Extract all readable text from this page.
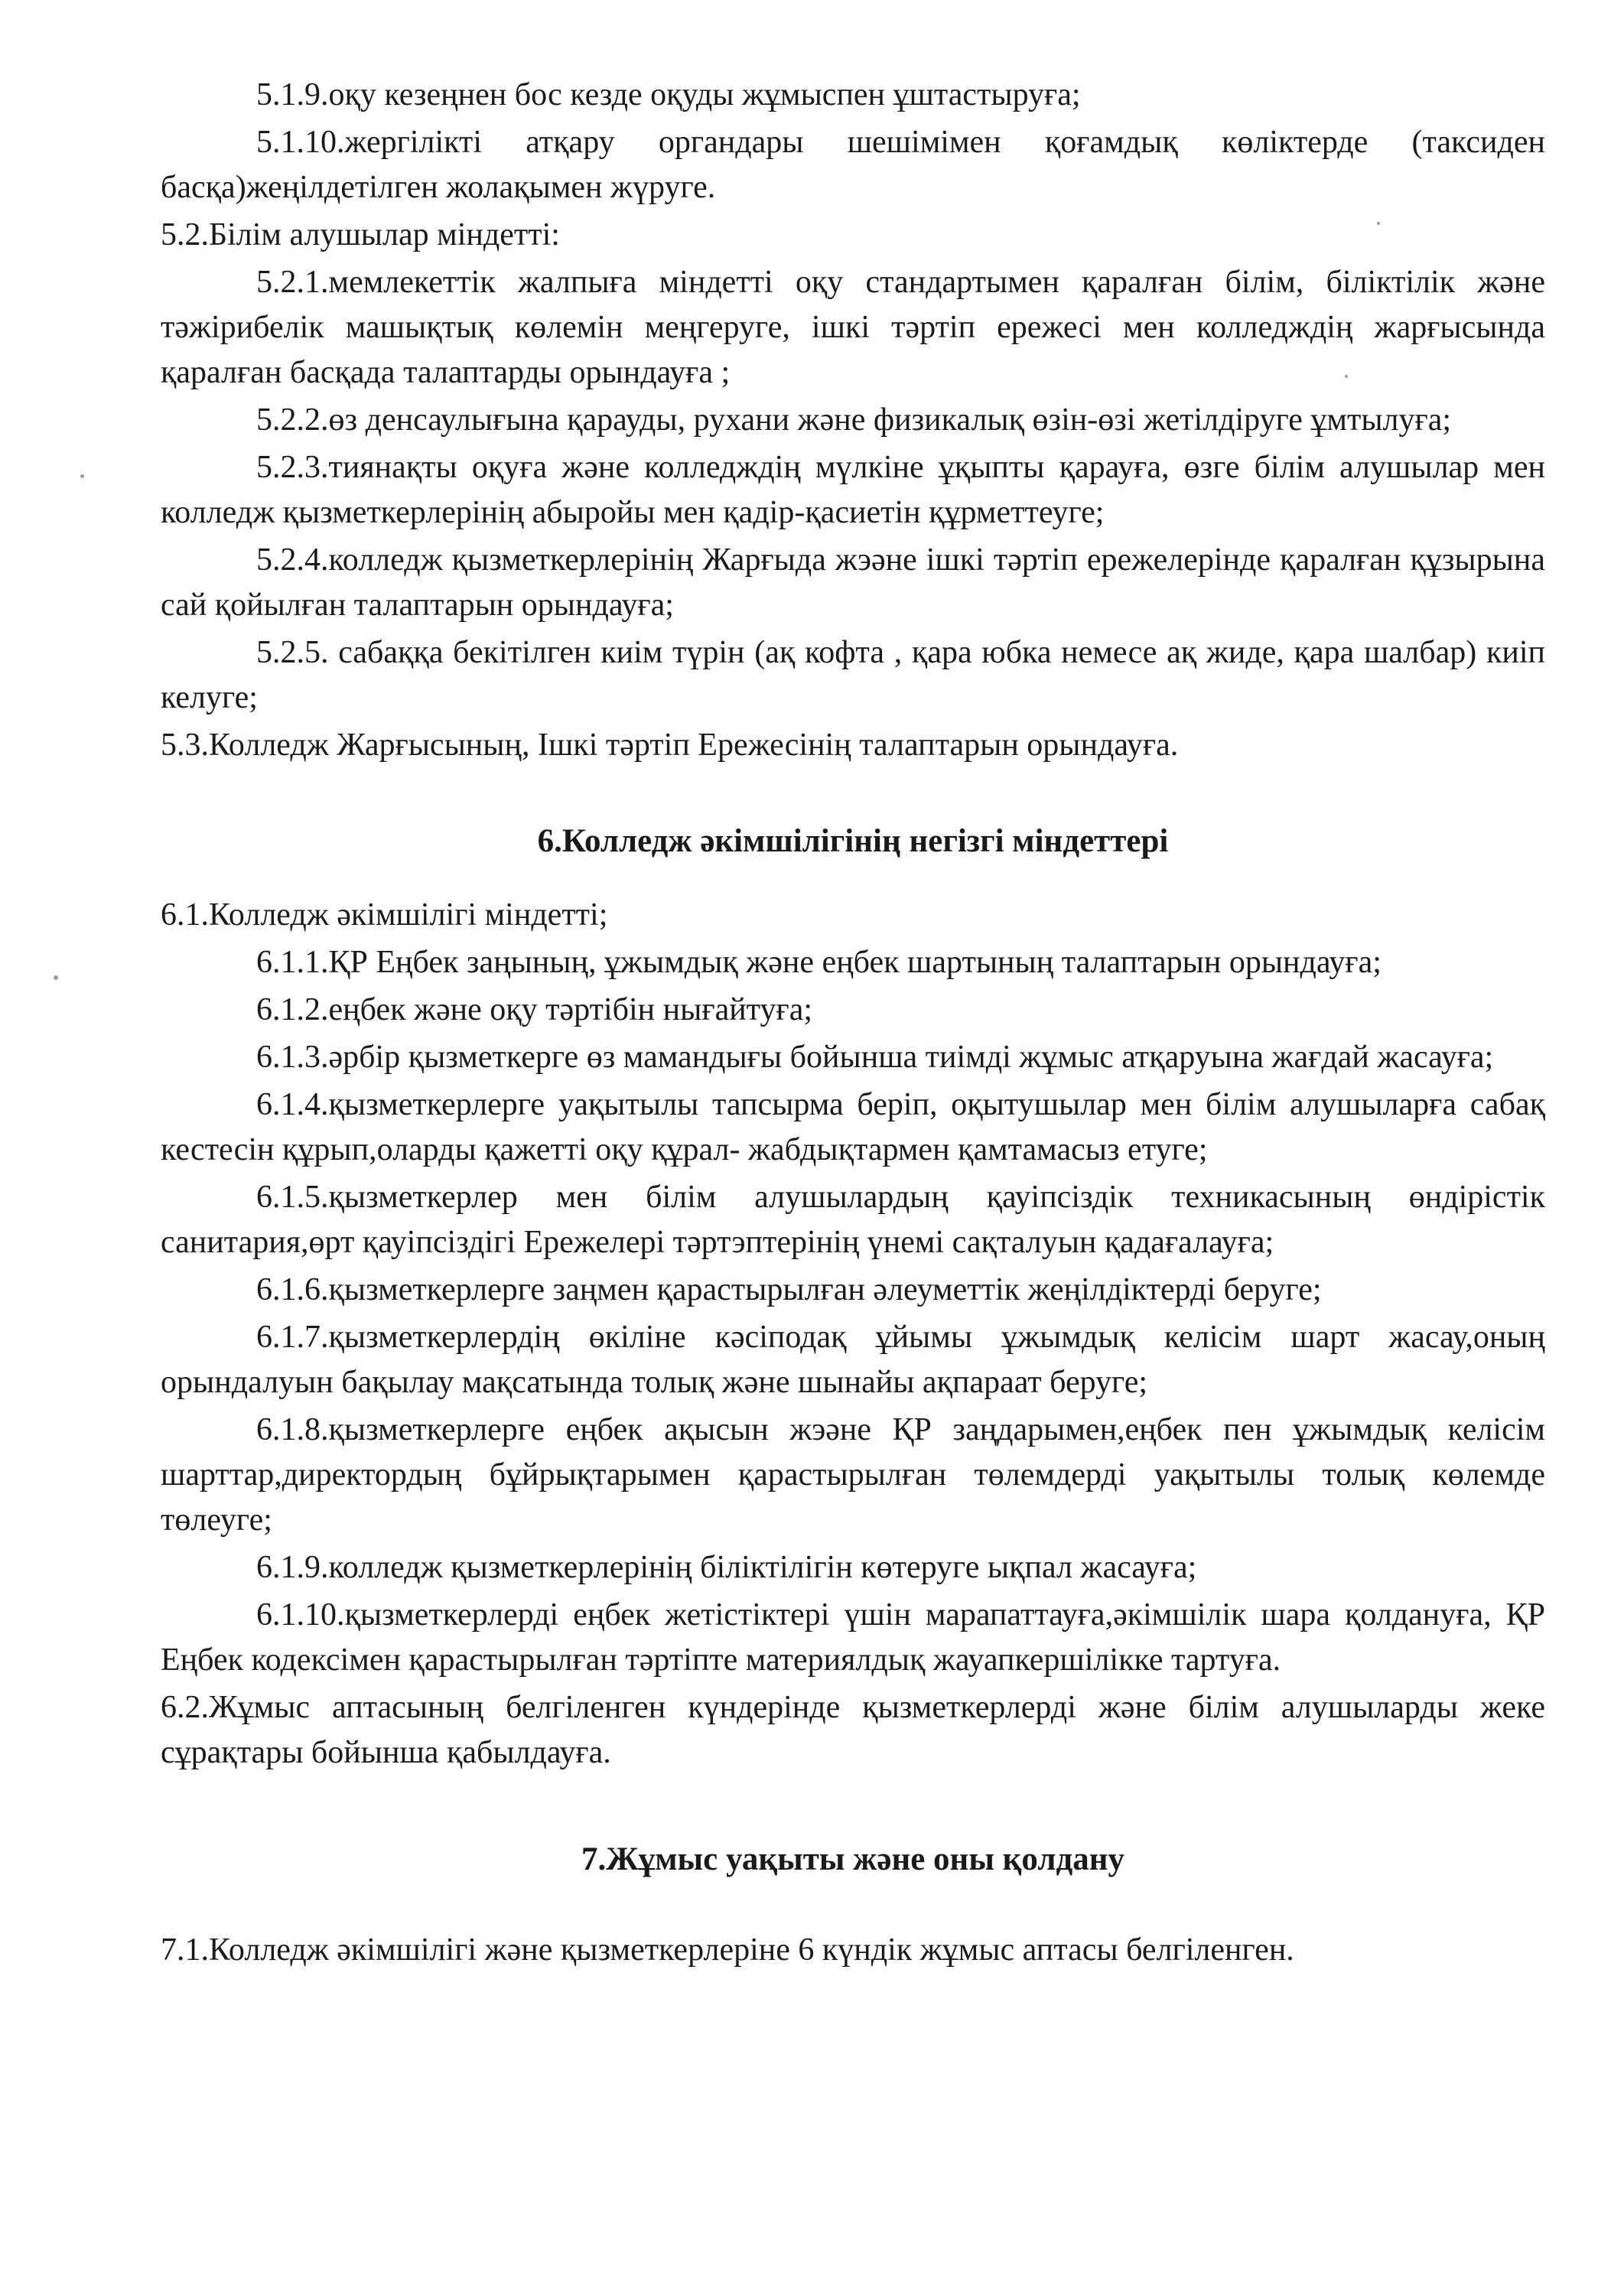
5.1.9.оқу кезеңнен бос кезде оқуды жұмыспен ұштастыруға;

5.1.10.жергілікті атқару органдары шешімімен қоғамдық көліктерде (таксиден басқа)жеңілдетілген жолақымен жүруге.

5.2.Білім алушылар міндетті:

5.2.1.мемлекеттік жалпыға міндетті оқу стандартымен қаралған білім, біліктілік және тәжірибелік машықтық көлемін меңгеруге, ішкі тәртіп ережесі мен колледждің жарғысында қаралған басқада талаптарды орындауға ;

5.2.2.өз денсаулығына қарауды, рухани және физикалық өзін-өзі жетілдіруге ұмтылуға;

5.2.3.тиянақты оқуға және колледждің мүлкіне ұқыпты қарауға, өзге білім алушылар мен колледж қызметкерлерінің абыройы мен қадір-қасиетін құрметтеуге;

5.2.4.колледж қызметкерлерінің Жарғыда жэәне ішкі тәртіп ережелерінде қаралған құзырына сай қойылған талаптарын орындауға;

5.2.5. сабаққа бекітілген киім түрін (ақ кофта , қара юбка немесе ақ жиде, қара шалбар) киіп келуге;

5.3.Колледж Жарғысының, Ішкі тәртіп Ережесінің талаптарын орындауға.

6.Колледж әкімшілігінің негізгі міндеттері

6.1.Колледж әкімшілігі міндетті;

6.1.1.ҚР Еңбек заңының, ұжымдық және еңбек шартының талаптарын орындауға;

6.1.2.еңбек және оқу тәртібін нығайтуға;

6.1.3.әрбір қызметкерге өз мамандығы бойынша тиімді жұмыс атқаруына жағдай жасауға;

6.1.4.қызметкерлерге уақытылы тапсырма беріп, оқытушылар мен білім алушыларға сабақ кестесін құрып,оларды қажетті оқу құрал- жабдықтармен қамтамасыз етуге;

6.1.5.қызметкерлер мен білім алушылардың қауіпсіздік техникасының өндірістік санитария,өрт қауіпсіздігі Ережелері тәртэптерінің үнемі сақталуын қадағалауға;

6.1.6.қызметкерлерге заңмен қарастырылған әлеуметтік жеңілдіктерді беруге;

6.1.7.қызметкерлердің өкіліне кәсіподақ ұйымы ұжымдық келісім шарт жасау,оның орындалуын бақылау мақсатында толық және шынайы ақпараат беруге;

6.1.8.қызметкерлерге еңбек ақысын жэәне ҚР заңдарымен,еңбек пен ұжымдық келісім шарттар,директордың бұйрықтарымен қарастырылған төлемдерді уақытылы толық көлемде төлеуге;

6.1.9.колледж қызметкерлерінің біліктілігін көтеруге ықпал жасауға;

6.1.10.қызметкерлерді еңбек жетістіктері үшін марапаттауға,әкімшілік шара қолдануға, ҚР Еңбек кодексімен қарастырылған тәртіпте материялдық жауапкершілікке тартуға.

6.2.Жұмыс аптасының белгіленген күндерінде қызметкерлерді және білім алушыларды жеке сұрақтары бойынша қабылдауға.

7.Жұмыс уақыты және оны қолдану

7.1.Колледж әкімшілігі және қызметкерлеріне 6 күндік жұмыс аптасы белгіленген.
